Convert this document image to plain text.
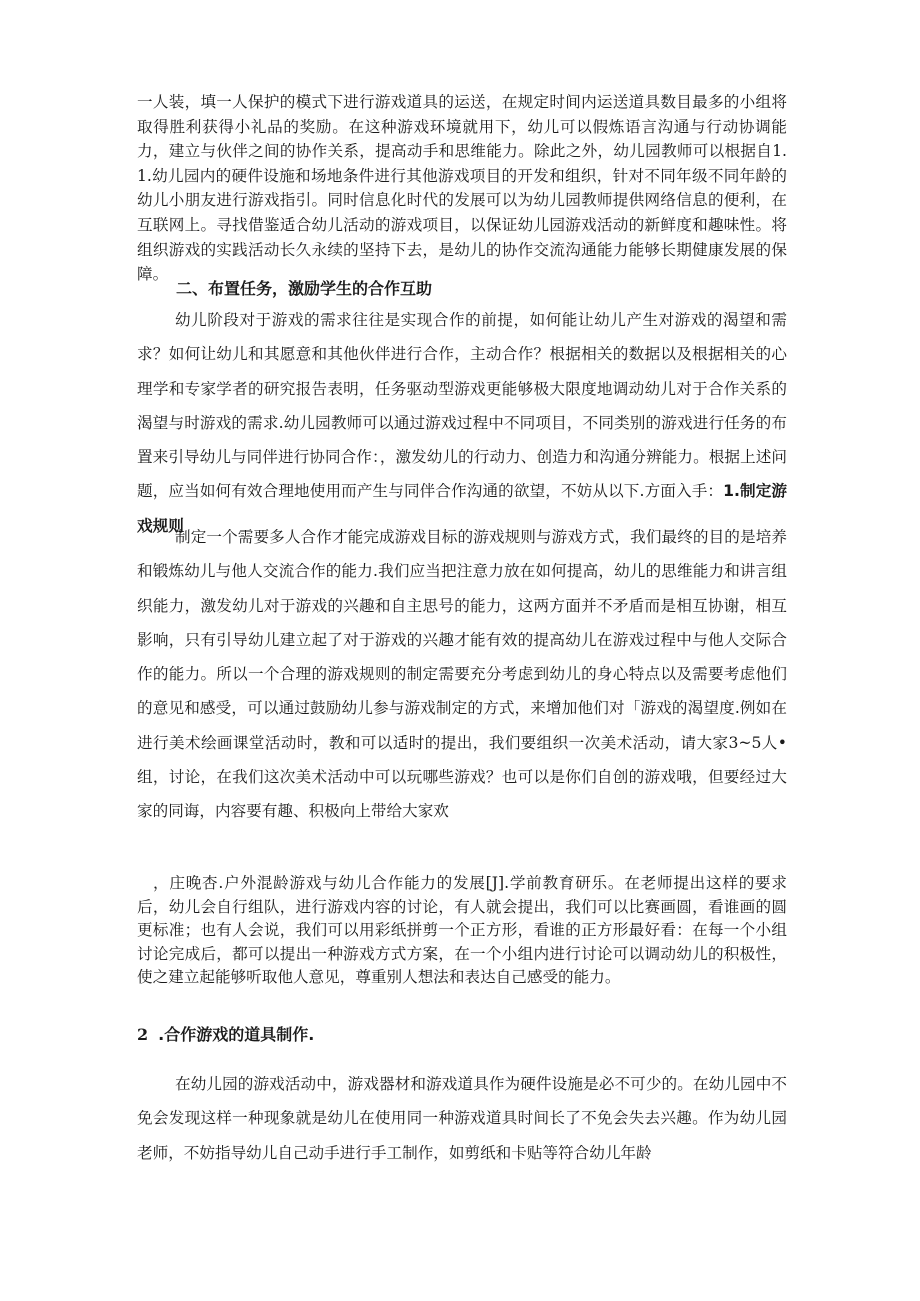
一人装，填一人保护的模式下进行游戏道具的运送，在规定时间内运送道具数目最多的小组将取得胜利获得小礼品的奖励。在这种游戏环境就用下，幼儿可以假炼语言沟通与行动协调能力，建立与伙伴之间的协作关系，提高动手和思维能力。除此之外，幼儿园教师可以根据自1.1.幼儿园内的硬件设施和场地条件进行其他游戏项目的开发和组织，针对不同年级不同年龄的幼儿小朋友进行游戏指引。同时信息化时代的发展可以为幼儿园教师提供网络信息的便利，在互联网上。寻找借鉴适合幼儿活动的游戏项目，以保证幼儿园游戏活动的新鲜度和趣味性。将组织游戏的实践活动长久永续的坚持下去，是幼儿的协作交流沟通能力能够长期健康发展的保障。

二、布置任务，激励学生的合作互助

幼儿阶段对于游戏的需求往往是实现合作的前提，如何能让幼儿产生对游戏的渴望和需求？如何让幼儿和其愿意和其他伙伴进行合作，主动合作？根据相关的数据以及根据相关的心理学和专家学者的研究报告表明，任务驱动型游戏更能够极大限度地调动幼儿对于合作关系的渴望与时游戏的需求.幼儿园教师可以通过游戏过程中不同项目，不同类别的游戏进行任务的布置来引导幼儿与同伴进行协同合作：，激发幼儿的行动力、创造力和沟通分辨能力。根据上述问题，应当如何有效合理地使用而产生与同伴合作沟通的欲望，不妨从以下.方面入手：1.制定游戏规则

制定一个需要多人合作才能完成游戏目标的游戏规则与游戏方式，我们最终的目的是培养和锻炼幼儿与他人交流合作的能力.我们应当把注意力放在如何提高，幼儿的思维能力和讲言组织能力，激发幼儿对于游戏的兴趣和自主思号的能力，这两方面并不矛盾而是相互协谢，相互影响，只有引导幼儿建立起了对于游戏的兴趣才能有效的提高幼儿在游戏过程中与他人交际合作的能力。所以一个合理的游戏规则的制定需要充分考虑到幼儿的身心特点以及需要考虑他们的意见和感受，可以通过鼓励幼儿参与游戏制定的方式，来增加他们对「游戏的渴望度.例如在进行美术绘画课堂活动时，教和可以适时的提出，我们要组织一次美术活动，请大家3~5人•组，讨论，在我们这次美术活动中可以玩哪些游戏？也可以是你们自创的游戏哦，但要经过大家的同诲，内容要有趣、积极向上带给大家欢

，庄晚杏.户外混龄游戏与幼儿合作能力的发展[J].学前教育研乐。在老师提出这样的要求后，幼儿会自行组队，进行游戏内容的讨论，有人就会提出，我们可以比赛画圆，看谁画的圆更标准；也有人会说，我们可以用彩纸拼剪一个正方形，看谁的正方形最好看：在每一个小组讨论完成后，都可以提出一种游戏方式方案，在一个小组内进行讨论可以调动幼儿的积极性，使之建立起能够听取他人意见，尊重别人想法和表达自己感受的能力。

2 .合作游戏的道具制作.

在幼儿园的游戏活动中，游戏器材和游戏道具作为硬件设施是必不可少的。在幼儿园中不免会发现这样一种现象就是幼儿在使用同一种游戏道具时间长了不免会失去兴趣。作为幼儿园老师，不妨指导幼儿自己动手进行手工制作，如剪纸和卡贴等符合幼儿年龄
